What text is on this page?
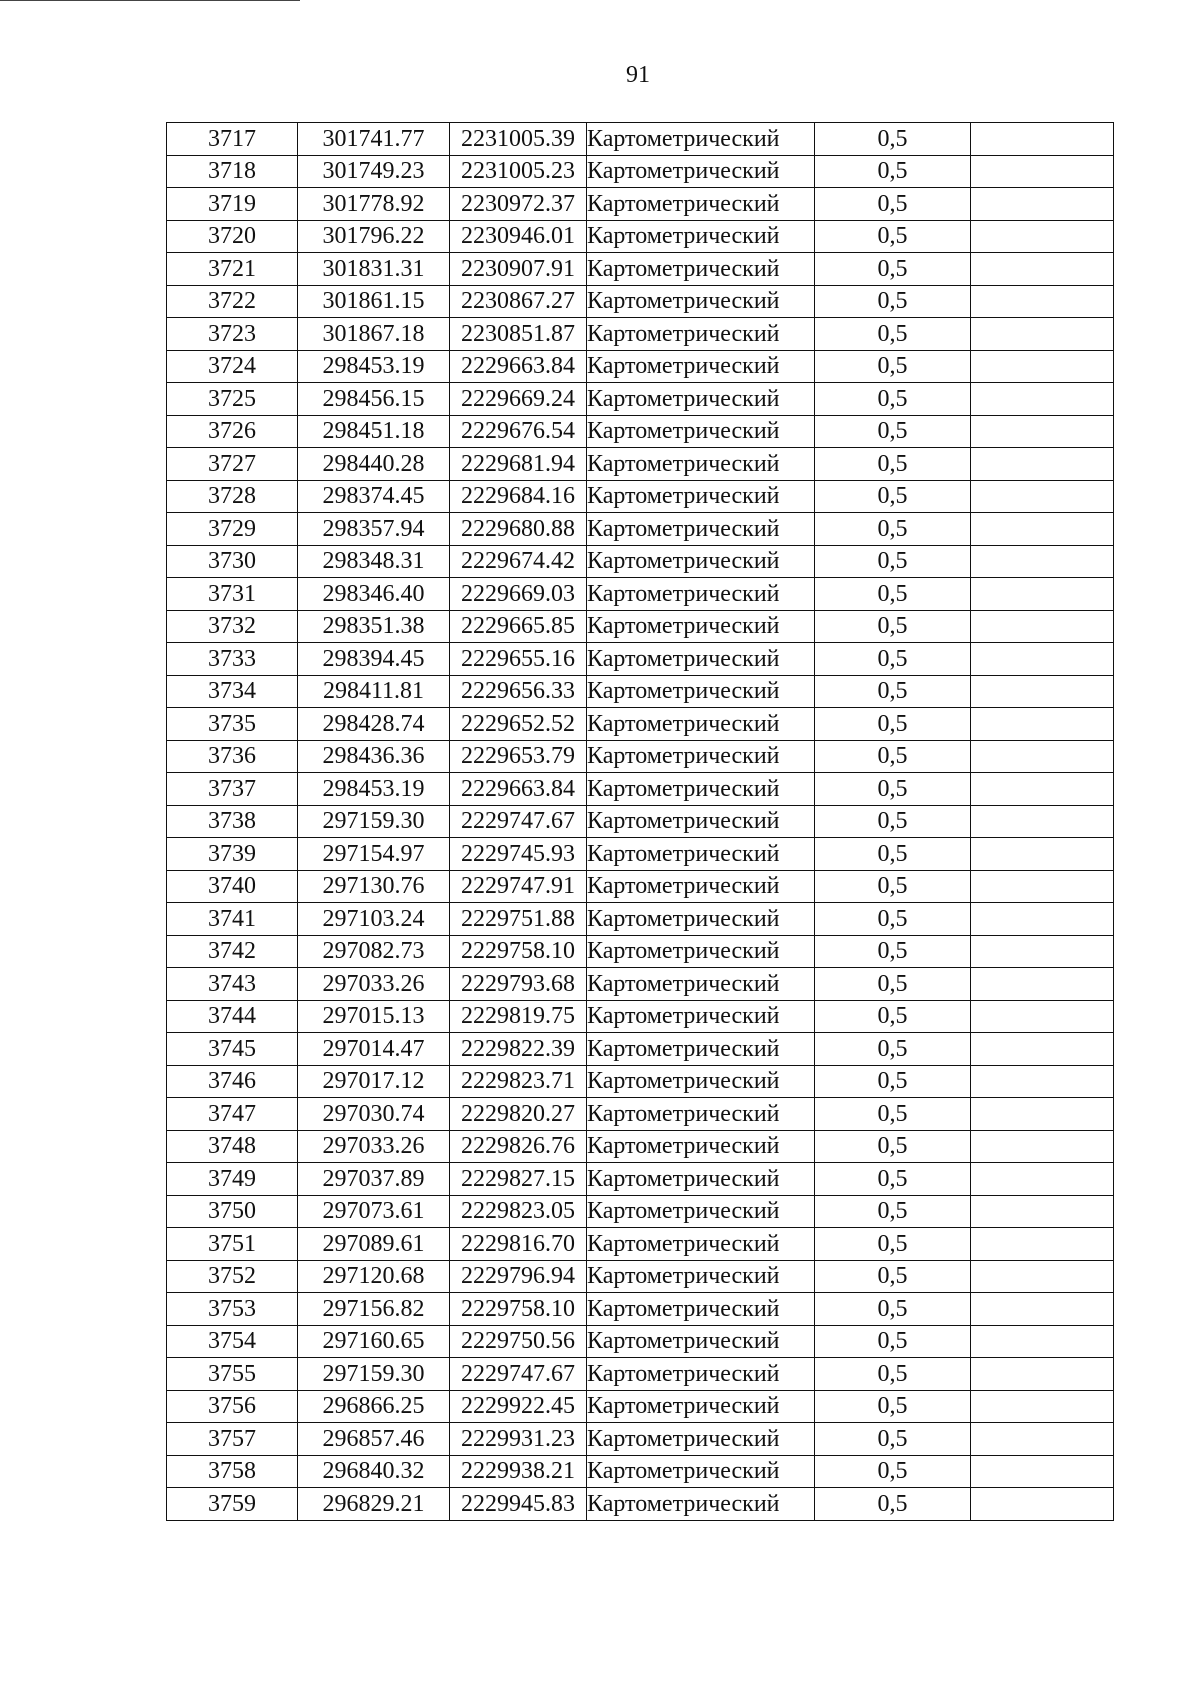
91
3717	301741.77	2231005.39	Картометрический	0,5	
3718	301749.23	2231005.23	Картометрический	0,5	
3719	301778.92	2230972.37	Картометрический	0,5	
3720	301796.22	2230946.01	Картометрический	0,5	
3721	301831.31	2230907.91	Картометрический	0,5	
3722	301861.15	2230867.27	Картометрический	0,5	
3723	301867.18	2230851.87	Картометрический	0,5	
3724	298453.19	2229663.84	Картометрический	0,5	
3725	298456.15	2229669.24	Картометрический	0,5	
3726	298451.18	2229676.54	Картометрический	0,5	
3727	298440.28	2229681.94	Картометрический	0,5	
3728	298374.45	2229684.16	Картометрический	0,5	
3729	298357.94	2229680.88	Картометрический	0,5	
3730	298348.31	2229674.42	Картометрический	0,5	
3731	298346.40	2229669.03	Картометрический	0,5	
3732	298351.38	2229665.85	Картометрический	0,5	
3733	298394.45	2229655.16	Картометрический	0,5	
3734	298411.81	2229656.33	Картометрический	0,5	
3735	298428.74	2229652.52	Картометрический	0,5	
3736	298436.36	2229653.79	Картометрический	0,5	
3737	298453.19	2229663.84	Картометрический	0,5	
3738	297159.30	2229747.67	Картометрический	0,5	
3739	297154.97	2229745.93	Картометрический	0,5	
3740	297130.76	2229747.91	Картометрический	0,5	
3741	297103.24	2229751.88	Картометрический	0,5	
3742	297082.73	2229758.10	Картометрический	0,5	
3743	297033.26	2229793.68	Картометрический	0,5	
3744	297015.13	2229819.75	Картометрический	0,5	
3745	297014.47	2229822.39	Картометрический	0,5	
3746	297017.12	2229823.71	Картометрический	0,5	
3747	297030.74	2229820.27	Картометрический	0,5	
3748	297033.26	2229826.76	Картометрический	0,5	
3749	297037.89	2229827.15	Картометрический	0,5	
3750	297073.61	2229823.05	Картометрический	0,5	
3751	297089.61	2229816.70	Картометрический	0,5	
3752	297120.68	2229796.94	Картометрический	0,5	
3753	297156.82	2229758.10	Картометрический	0,5	
3754	297160.65	2229750.56	Картометрический	0,5	
3755	297159.30	2229747.67	Картометрический	0,5	
3756	296866.25	2229922.45	Картометрический	0,5	
3757	296857.46	2229931.23	Картометрический	0,5	
3758	296840.32	2229938.21	Картометрический	0,5	
3759	296829.21	2229945.83	Картометрический	0,5	
